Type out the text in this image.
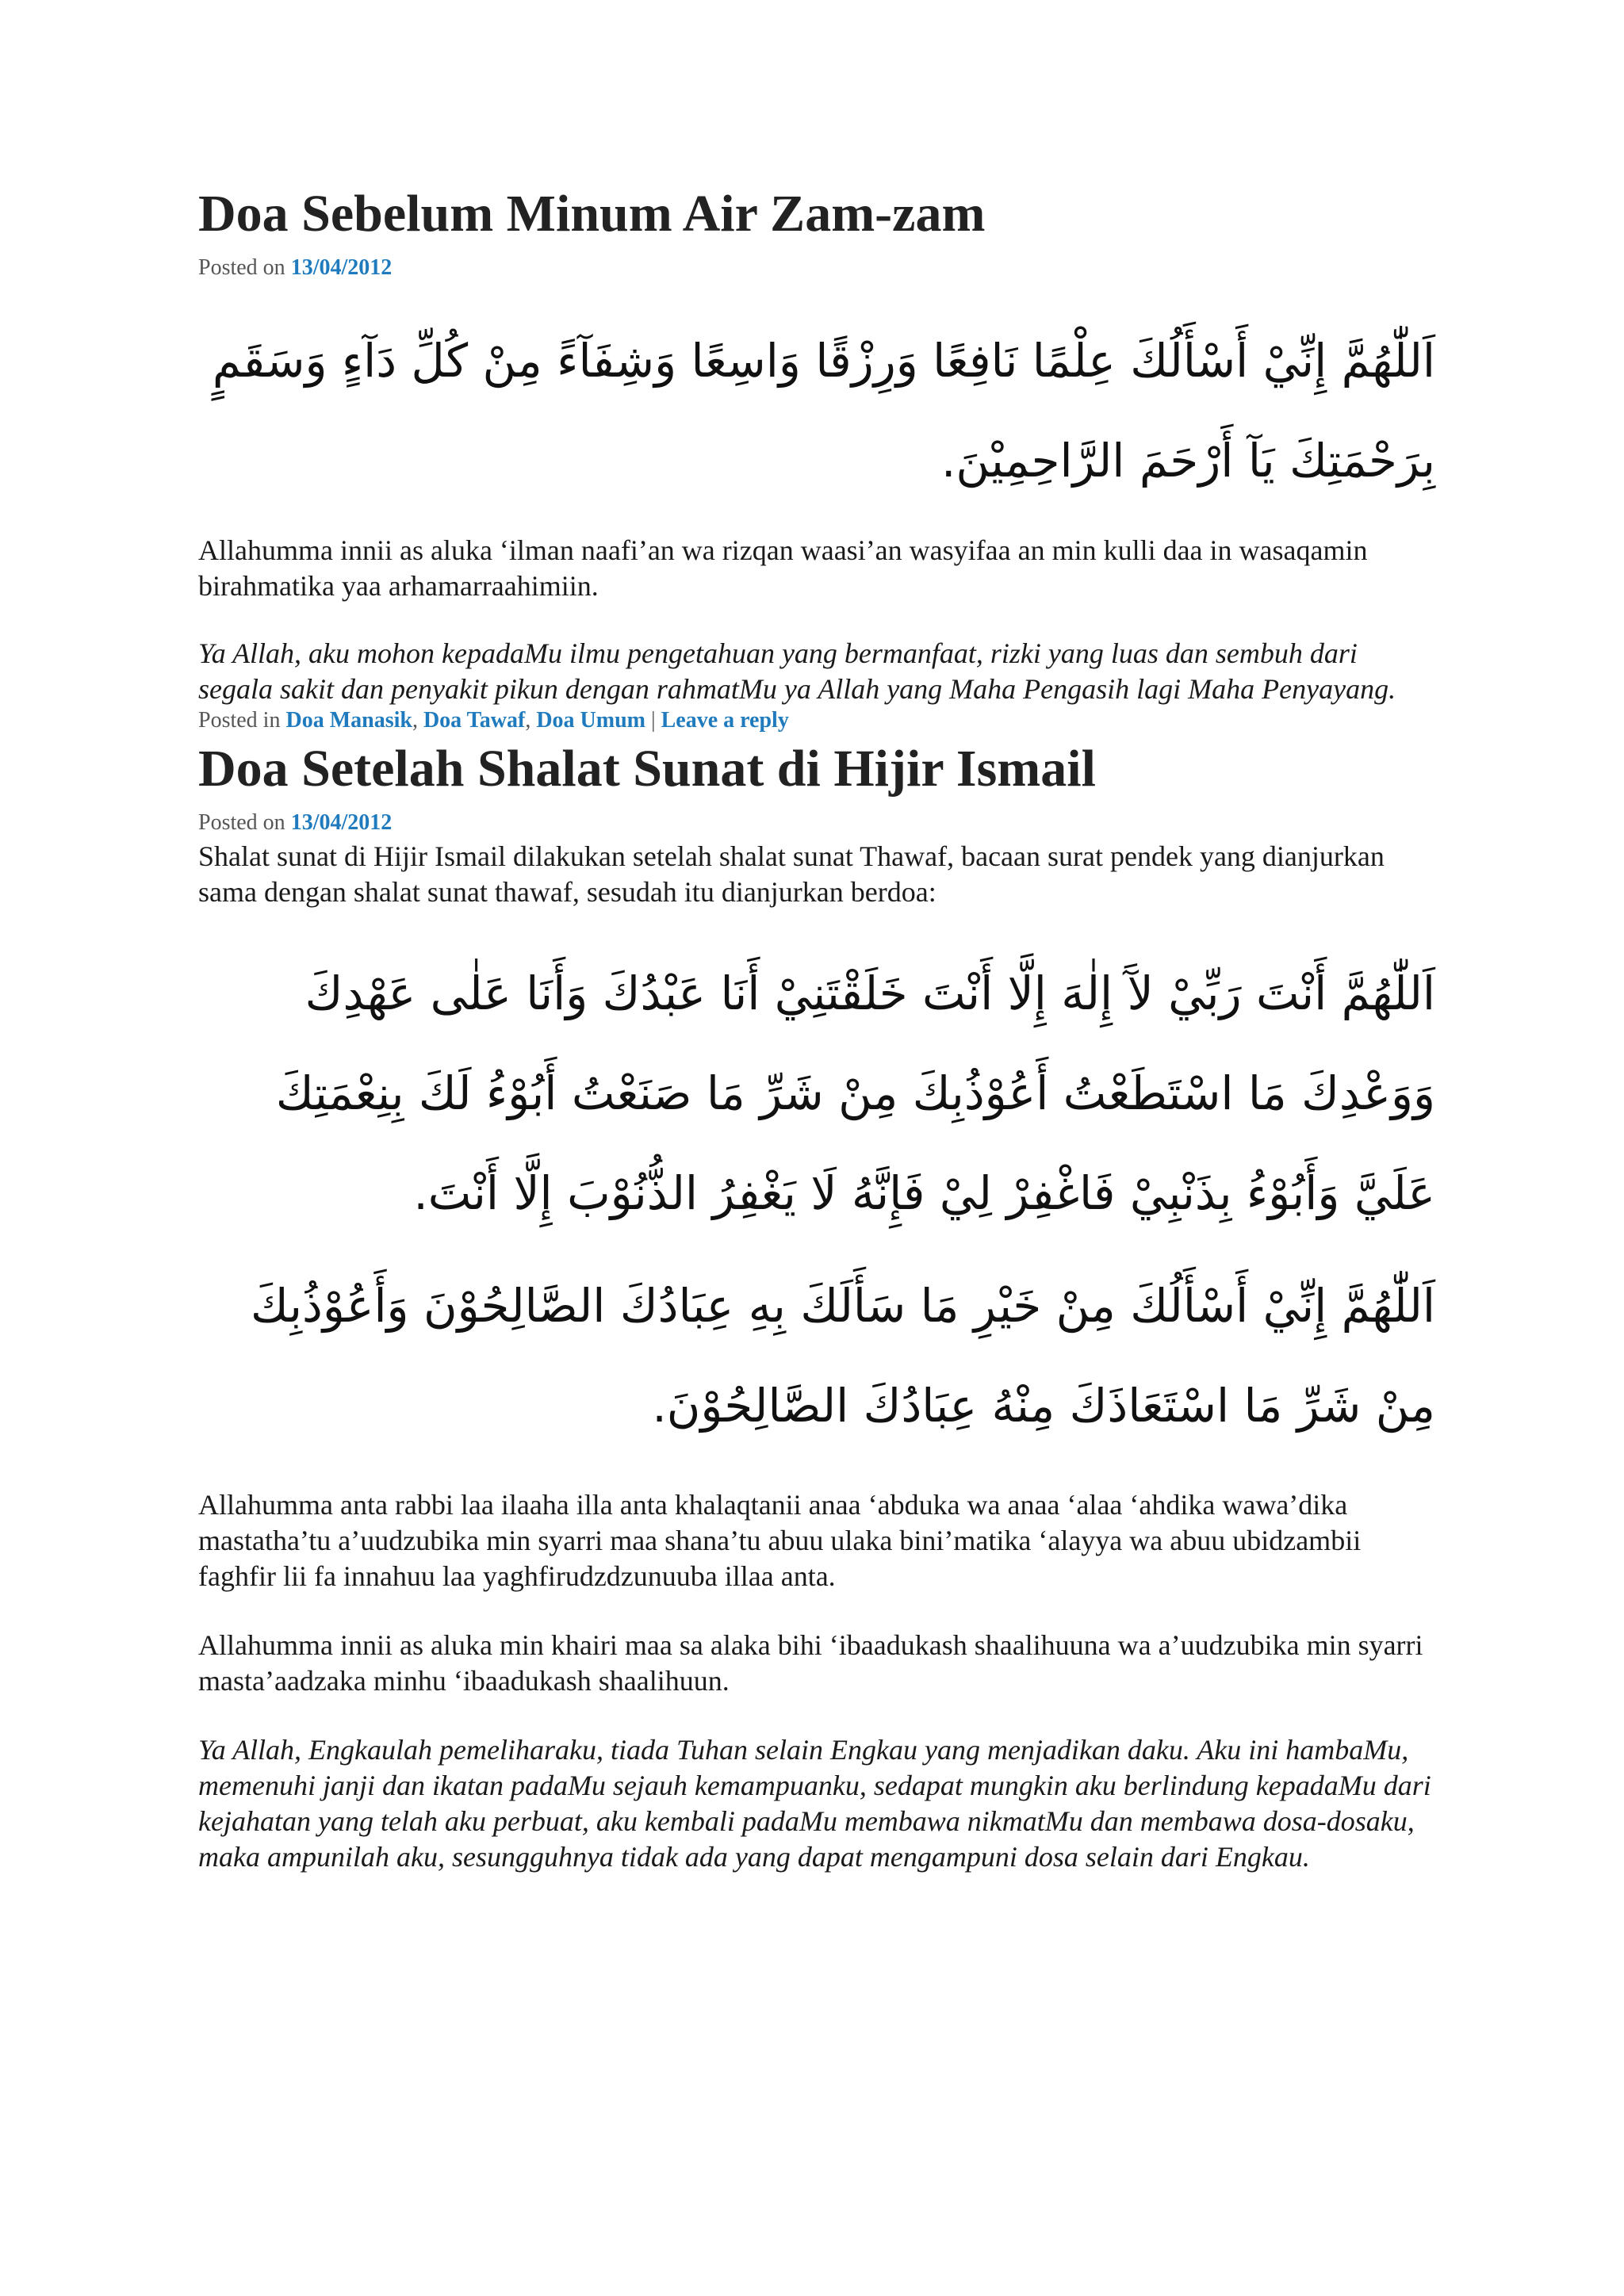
Doa Sebelum Minum Air Zam-zam

Posted on 13/04/2012

اَللّٰهُمَّ إِنِّيْ أَسْأَلُكَ عِلْمًا نَافِعًا وَرِزْقًا وَاسِعًا وَشِفَآءً مِنْ كُلِّ دَآءٍ وَسَقَمٍ بِرَحْمَتِكَ يَآ أَرْحَمَ الرَّاحِمِيْنَ.

Allahumma innii as aluka ‘ilman naafi’an wa rizqan waasi’an wasyifaa an min kulli daa in wasaqamin birahmatika yaa arhamarraahimiin.

Ya Allah, aku mohon kepadaMu ilmu pengetahuan yang bermanfaat, rizki yang luas dan sembuh dari segala sakit dan penyakit pikun dengan rahmatMu ya Allah yang Maha Pengasih lagi Maha Penyayang.

Posted in Doa Manasik, Doa Tawaf, Doa Umum | Leave a reply

Doa Setelah Shalat Sunat di Hijir Ismail

Posted on 13/04/2012

Shalat sunat di Hijir Ismail dilakukan setelah shalat sunat Thawaf, bacaan surat pendek yang dianjurkan sama dengan shalat sunat thawaf, sesudah itu dianjurkan berdoa:

اَللّٰهُمَّ أَنْتَ رَبِّيْ لآَ إِلٰهَ إِلَّا أَنْتَ خَلَقْتَنِيْ أَنَا عَبْدُكَ وَأَنَا عَلٰى عَهْدِكَ وَوَعْدِكَ مَا اسْتَطَعْتُ أَعُوْذُبِكَ مِنْ شَرِّ مَا صَنَعْتُ أَبُوْءُ لَكَ بِنِعْمَتِكَ عَلَيَّ وَأَبُوْءُ بِذَنْبِيْ فَاغْفِرْ لِيْ فَإِنَّهُ لَا يَغْفِرُ الذُّنُوْبَ إِلَّا أَنْتَ.

اَللّٰهُمَّ إِنِّيْ أَسْأَلُكَ مِنْ خَيْرِ مَا سَأَلَكَ بِهِ عِبَادُكَ الصَّالِحُوْنَ وَأَعُوْذُبِكَ مِنْ شَرِّ مَا اسْتَعَاذَكَ مِنْهُ عِبَادُكَ الصَّالِحُوْنَ.

Allahumma anta rabbi laa ilaaha illa anta khalaqtanii anaa ‘abduka wa anaa ‘alaa ‘ahdika wawa’dika mastatha’tu a’uudzubika min syarri maa shana’tu abuu ulaka bini’matika ‘alayya wa abuu ubidzambii faghfir lii fa innahuu laa yaghfirudzdzunuuba illaa anta.

Allahumma innii as aluka min khairi maa sa alaka bihi ‘ibaadukash shaalihuuna wa a’uudzubika min syarri masta’aadzaka minhu ‘ibaadukash shaalihuun.

Ya Allah, Engkaulah pemeliharaku, tiada Tuhan selain Engkau yang menjadikan daku. Aku ini hambaMu, memenuhi janji dan ikatan padaMu sejauh kemampuanku, sedapat mungkin aku berlindung kepadaMu dari kejahatan yang telah aku perbuat, aku kembali padaMu membawa nikmatMu dan membawa dosa-dosaku, maka ampunilah aku, sesungguhnya tidak ada yang dapat mengampuni dosa selain dari Engkau.
